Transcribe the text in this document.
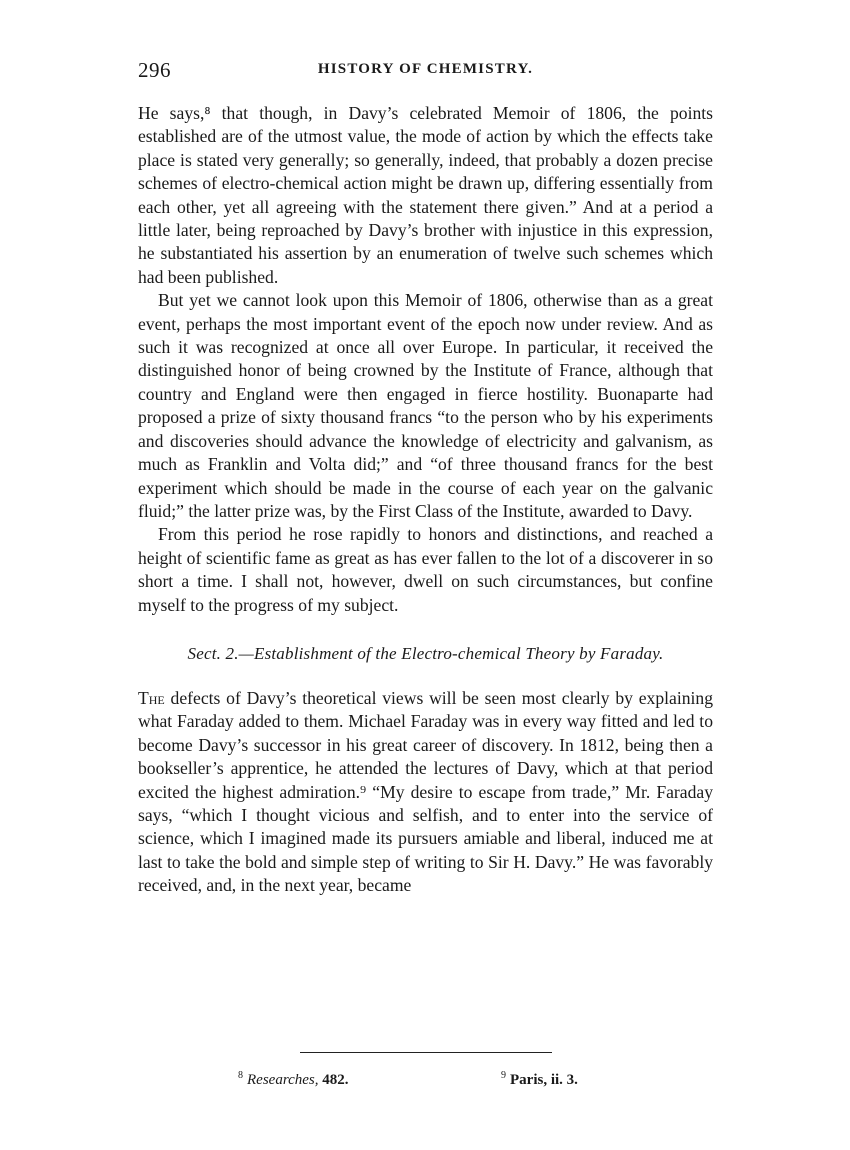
296	HISTORY OF CHEMISTRY.

He says,⁸ that though, in Davy’s celebrated Memoir of 1806, the points established are of the utmost value, the mode of action by which the effects take place is stated very generally; so generally, indeed, that probably a dozen precise schemes of electro-chemical action might be drawn up, differing essentially from each other, yet all agreeing with the statement there given.” And at a period a little later, being reproached by Davy’s brother with injustice in this expression, he substantiated his assertion by an enumeration of twelve such schemes which had been published.

But yet we cannot look upon this Memoir of 1806, otherwise than as a great event, perhaps the most important event of the epoch now under review. And as such it was recognized at once all over Europe. In particular, it received the distinguished honor of being crowned by the Institute of France, although that country and England were then engaged in fierce hostility. Buonaparte had proposed a prize of sixty thousand francs “to the person who by his experiments and discoveries should advance the knowledge of electricity and galvanism, as much as Franklin and Volta did;” and “of three thousand francs for the best experiment which should be made in the course of each year on the galvanic fluid;” the latter prize was, by the First Class of the Institute, awarded to Davy.

From this period he rose rapidly to honors and distinctions, and reached a height of scientific fame as great as has ever fallen to the lot of a discoverer in so short a time. I shall not, however, dwell on such circumstances, but confine myself to the progress of my subject.

Sect. 2.—Establishment of the Electro-chemical Theory by Faraday.

The defects of Davy’s theoretical views will be seen most clearly by explaining what Faraday added to them. Michael Faraday was in every way fitted and led to become Davy’s successor in his great career of discovery. In 1812, being then a bookseller’s apprentice, he attended the lectures of Davy, which at that period excited the highest admiration.⁹ “My desire to escape from trade,” Mr. Faraday says, “which I thought vicious and selfish, and to enter into the service of science, which I imagined made its pursuers amiable and liberal, induced me at last to take the bold and simple step of writing to Sir H. Davy.” He was favorably received, and, in the next year, became

$^8$ Researches, 482.	$^9$ Paris, ii. 3.
